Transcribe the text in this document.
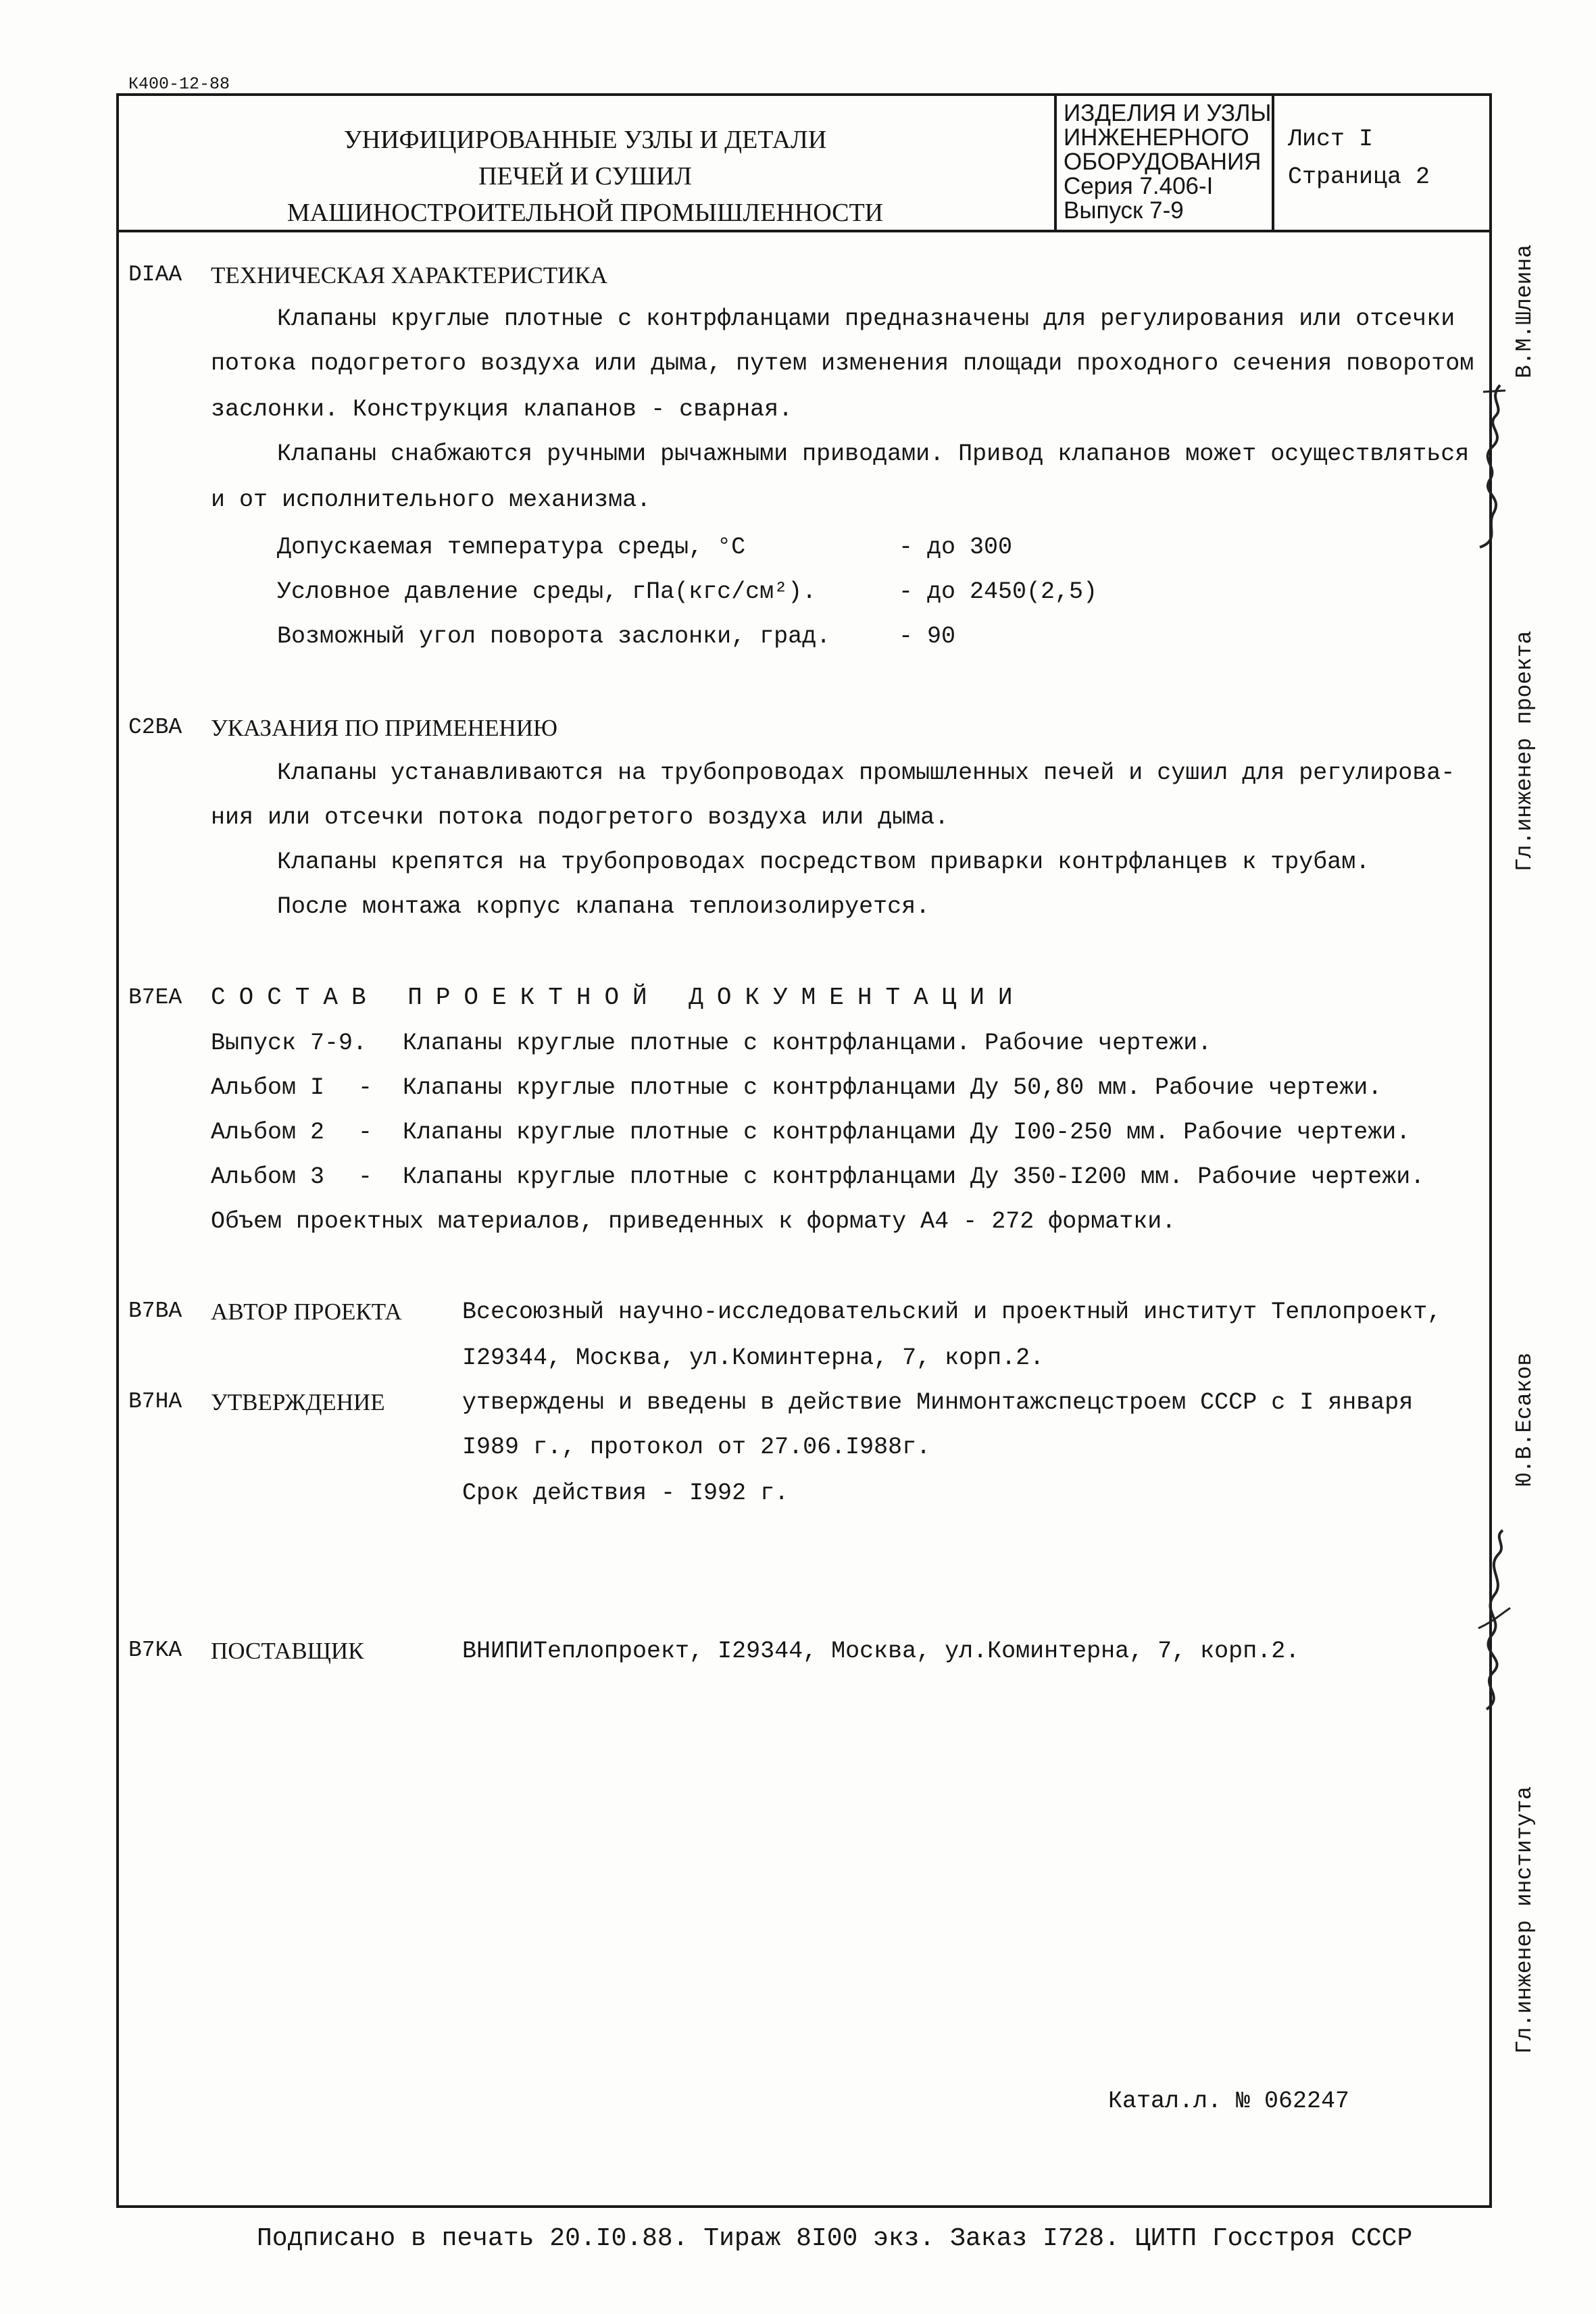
К400-12-88
УНИФИЦИРОВАННЫЕ УЗЛЫ И ДЕТАЛИ
ПЕЧЕЙ И СУШИЛ
МАШИНОСТРОИТЕЛЬНОЙ ПРОМЫШЛЕННОСТИ
ИЗДЕЛИЯ И УЗЛЫ
ИНЖЕНЕРНОГО
ОБОРУДОВАНИЯ
Серия 7.406-I
Выпуск 7-9
Лист I
Страница 2
DIAA ТЕХНИЧЕСКАЯ ХАРАКТЕРИСТИКА
Клапаны круглые плотные с контрфланцами предназначены для регулирования или отсечки
потока подогретого воздуха или дыма, путем изменения площади проходного сечения поворотом
заслонки. Конструкция клапанов - сварная.
Клапаны снабжаются ручными рычажными приводами. Привод клапанов может осуществляться
и от исполнительного механизма.
Допускаемая температура среды, °С	- до 300
Условное давление среды, гПа(кгс/см²).	- до 2450(2,5)
Возможный угол поворота заслонки, град.	- 90
C2BA УКАЗАНИЯ ПО ПРИМЕНЕНИЮ
Клапаны устанавливаются на трубопроводах промышленных печей и сушил для регулирова-
ния или отсечки потока подогретого воздуха или дыма.
Клапаны крепятся на трубопроводах посредством приварки контрфланцев к трубам.
После монтажа корпус клапана теплоизолируется.
B7EA СОСТАВ ПРОЕКТНОЙ ДОКУМЕНТАЦИИ
Выпуск 7-9. Клапаны круглые плотные с контрфланцами. Рабочие чертежи.
Альбом I - Клапаны круглые плотные с контрфланцами Ду 50,80 мм. Рабочие чертежи.
Альбом 2 - Клапаны круглые плотные с контрфланцами Ду I00-250 мм. Рабочие чертежи.
Альбом 3 - Клапаны круглые плотные с контрфланцами Ду 350-I200 мм. Рабочие чертежи.
Объем проектных материалов, приведенных к формату А4 - 272 форматки.
B7BA АВТОР ПРОЕКТА	Всесоюзный научно-исследовательский и проектный институт Теплопроект,
I29344, Москва, ул.Коминтерна, 7, корп.2.
B7HA УТВЕРЖДЕНИЕ	утверждены и введены в действие Минмонтажспецстроем СССР с I января
I989 г., протокол от 27.06.I988г.
Срок действия - I992 г.
B7KA ПОСТАВЩИК	ВНИПИТеплопроект, I29344, Москва, ул.Коминтерна, 7, корп.2.
Катал.л. № 062247
Гл.инженер проекта
В.М.Шлеина
Гл.инженер института
Ю.В.Есаков
Подписано в печать 20.I0.88. Тираж 8I00 экз. Заказ I728. ЦИТП Госстроя СССР
